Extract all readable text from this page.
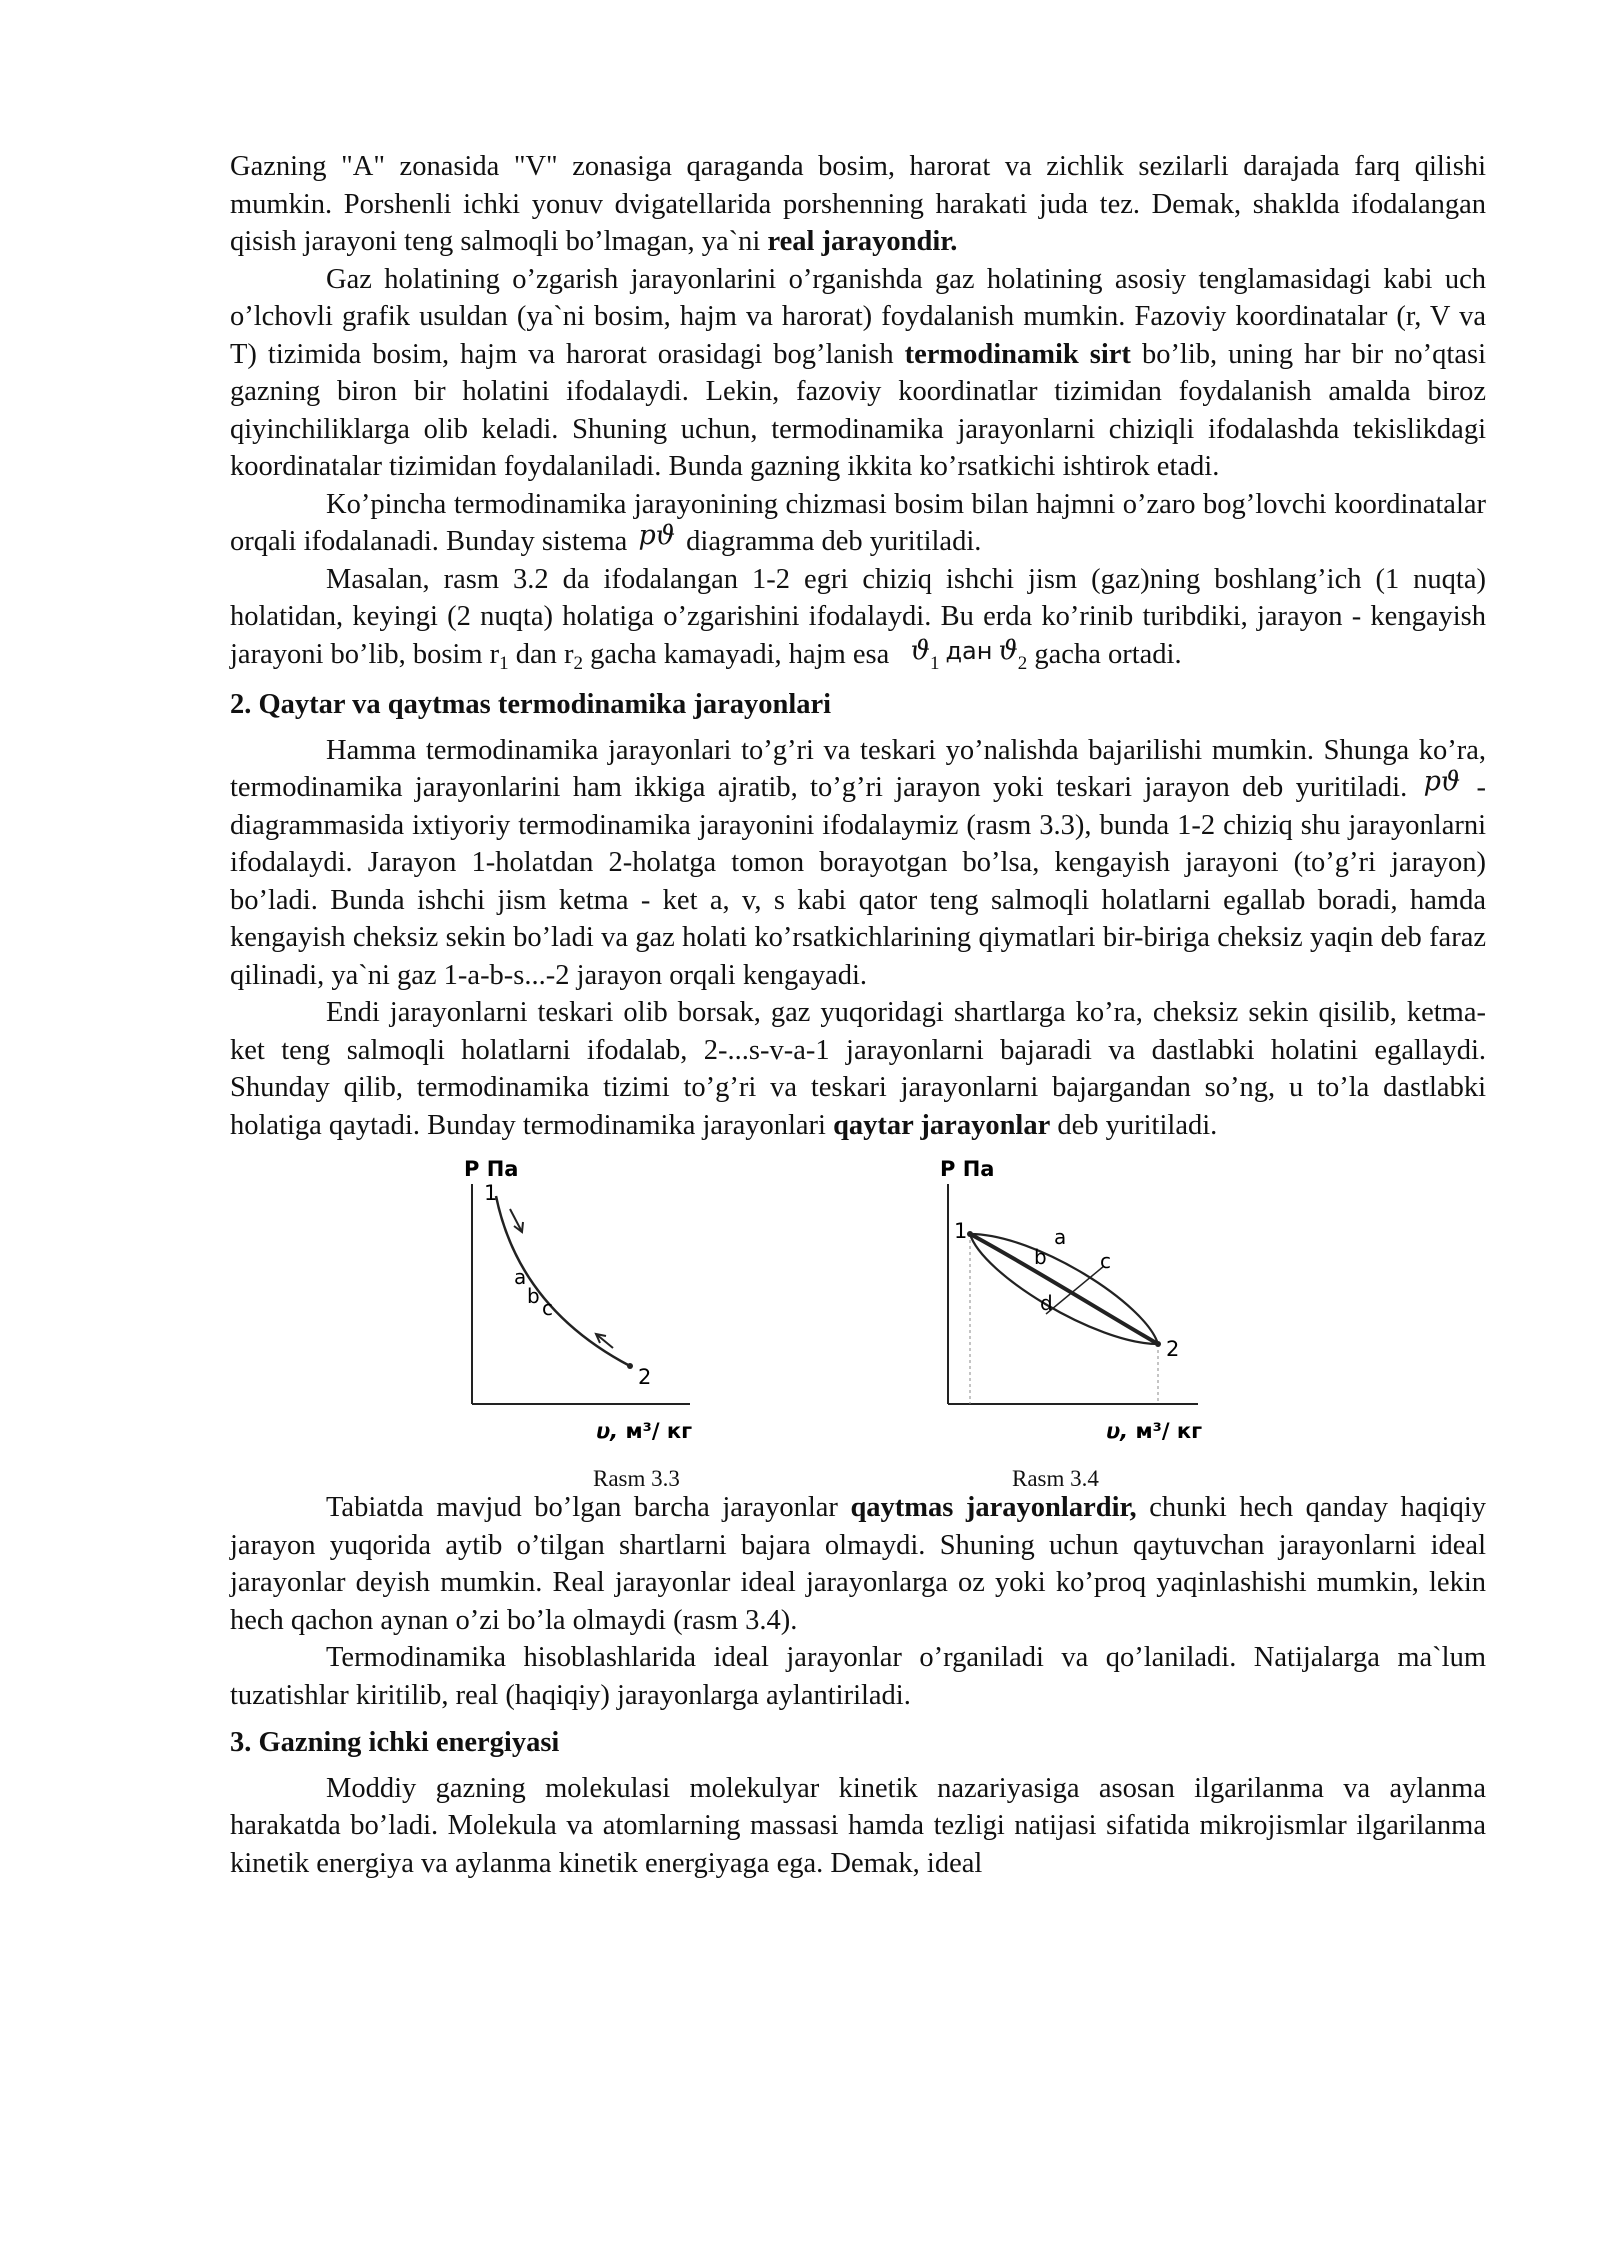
Gazning "A" zonasida "V" zonasiga qaraganda bosim, harorat va zichlik sezilarli darajada farq qilishi mumkin. Porshenli ichki yonuv dvigatellarida porshenning harakati juda tez. Demak, shaklda ifodalangan qisish jarayoni teng salmoqli bo’lmagan, ya`ni real jarayondir.

Gaz holatining o’zgarish jarayonlarini o’rganishda gaz holatining asosiy tenglamasidagi kabi uch o’lchovli grafik usuldan (ya`ni bosim, hajm va harorat) foydalanish mumkin. Fazoviy koordinatalar (r, V va T) tizimida bosim, hajm va harorat orasidagi bog’lanish termodinamik sirt bo’lib, uning har bir no’qtasi gazning biron bir holatini ifodalaydi. Lekin, fazoviy koordinatlar tizimidan foydalanish amalda biroz qiyinchiliklarga olib keladi. Shuning uchun, termodinamika jarayonlarni chiziqli ifodalashda tekislikdagi koordinatalar tizimidan foydalaniladi. Bunda gazning ikkita ko’rsatkichi ishtirok etadi.

Ko’pincha termodinamika jarayonining chizmasi bosim bilan hajmni o’zaro bog’lovchi koordinatalar orqali ifodalanadi. Bunday sistema pϑ diagramma deb yuritiladi.

Masalan, rasm 3.2 da ifodalangan 1-2 egri chiziq ishchi jism (gaz)ning boshlang’ich (1 nuqta) holatidan, keyingi (2 nuqta) holatiga o’zgarishini ifodalaydi. Bu erda ko’rinib turibdiki, jarayon - kengayish jarayoni bo’lib, bosim $r_1$ dan $r_2$ gacha kamayadi, hajm esa   $ϑ_1$ дан $ϑ_2$ gacha ortadi.

2. Qaytar va qaytmas termodinamika jarayonlari

Hamma termodinamika jarayonlari to’g’ri va teskari yo’nalishda bajarilishi mumkin. Shunga ko’ra, termodinamika jarayonlarini ham ikkiga ajratib, to’g’ri jarayon yoki teskari jarayon deb yuritiladi. pϑ -diagrammasida ixtiyoriy termodinamika jarayonini ifodalaymiz (rasm 3.3), bunda 1-2 chiziq shu jarayonlarni ifodalaydi. Jarayon 1-holatdan 2-holatga tomon borayotgan bo’lsa, kengayish jarayoni (to’g’ri jarayon) bo’ladi. Bunda ishchi jism ketma - ket a, v, s kabi qator teng salmoqli holatlarni egallab boradi, hamda kengayish cheksiz sekin bo’ladi va gaz holati ko’rsatkichlarining qiymatlari bir-biriga cheksiz yaqin deb faraz qilinadi, ya`ni gaz 1-a-b-s...-2 jarayon orqali kengayadi.

Endi jarayonlarni teskari olib borsak, gaz yuqoridagi shartlarga ko’ra, cheksiz sekin qisilib, ketma-ket teng salmoqli holatlarni ifodalab, 2-...s-v-a-1 jarayonlarni bajaradi va dastlabki holatini egallaydi. Shunday qilib, termodinamika tizimi to’g’ri va teskari jarayonlarni bajargandan so’ng, u to’la dastlabki holatiga qaytadi. Bunday termodinamika jarayonlari qaytar jarayonlar deb yuritiladi.

P Па
1
2
a
b c
υ, м³/ кг
Rasm 3.3
P Па
1
2
a
b	c
d
υ, м³/ кг
Rasm 3.4

Tabiatda mavjud bo’lgan barcha jarayonlar qaytmas jarayonlardir, chunki hech qanday haqiqiy jarayon yuqorida aytib o’tilgan shartlarni bajara olmaydi. Shuning uchun qaytuvchan jarayonlarni ideal jarayonlar deyish mumkin. Real jarayonlar ideal jarayonlarga oz yoki ko’proq yaqinlashishi mumkin, lekin hech qachon aynan o’zi bo’la olmaydi (rasm 3.4).

Termodinamika hisoblashlarida ideal jarayonlar o’rganiladi va qo’laniladi. Natijalarga ma`lum tuzatishlar kiritilib, real (haqiqiy) jarayonlarga aylantiriladi.

3. Gazning ichki energiyasi

Moddiy gazning molekulasi molekulyar kinetik nazariyasiga asosan ilgarilanma va aylanma harakatda bo’ladi. Molekula va atomlarning massasi hamda tezligi natijasi sifatida mikrojismlar ilgarilanma kinetik energiya va aylanma kinetik energiyaga ega. Demak, ideal
